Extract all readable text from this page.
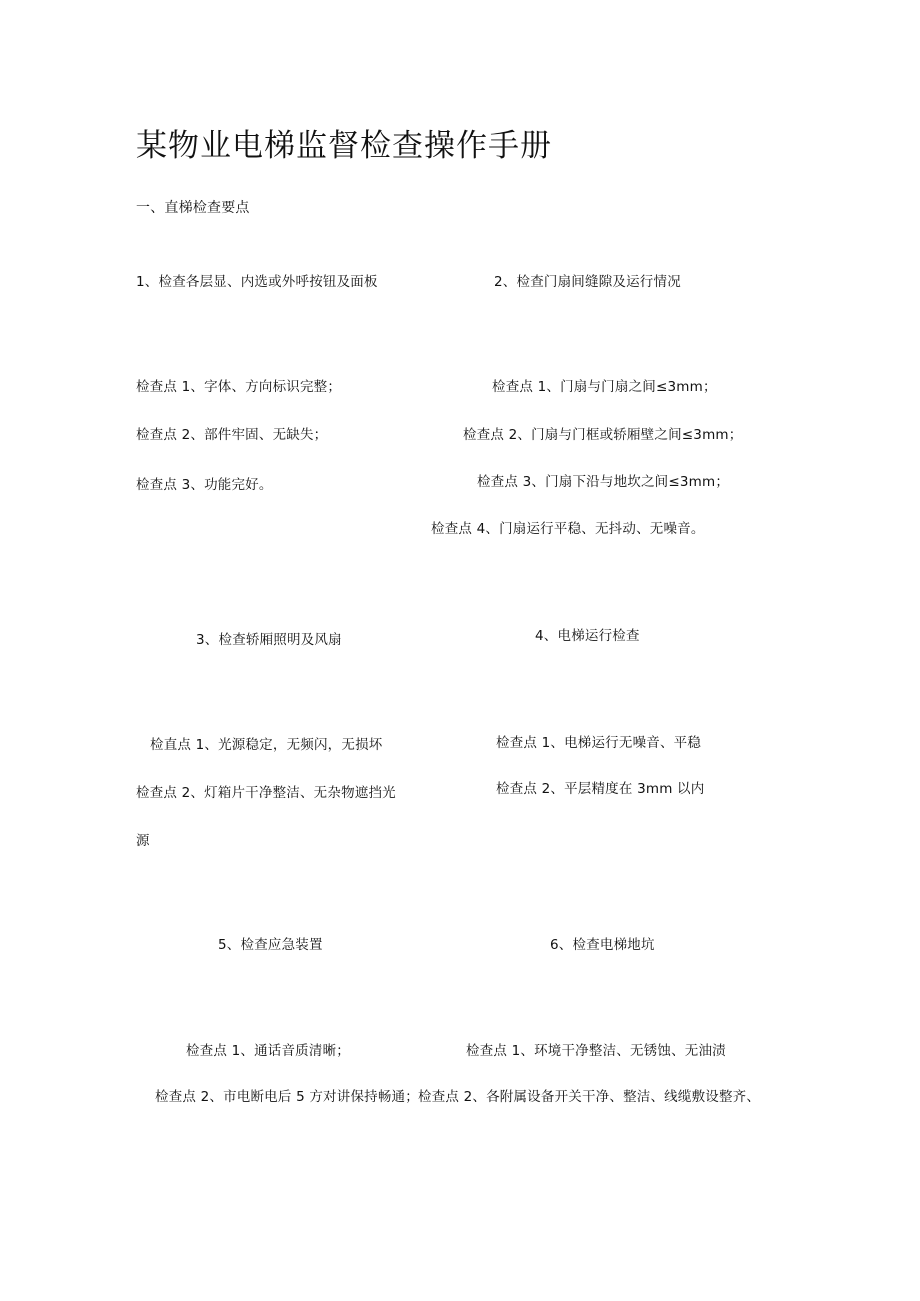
某物业电梯监督检查操作手册
一、直梯检查要点
1、检查各层显、内选或外呼按钮及面板
检查点 1、字体、方向标识完整；
检查点 2、部件牢固、无缺失；
检查点 3、功能完好。
2、检查门扇间缝隙及运行情况
检查点 1、门扇与门扇之间≤3mm；
检查点 2、门扇与门框或轿厢壁之间≤3mm；
检查点 3、门扇下沿与地坎之间≤3mm；
检查点 4、门扇运行平稳、无抖动、无噪音。
3、检查轿厢照明及风扇
检直点 1、光源稳定，无频闪，无损坏
检查点 2、灯箱片干净整洁、无杂物遮挡光
源
4、电梯运行检查
检查点 1、电梯运行无噪音、平稳
检查点 2、平层精度在 3mm 以内
5、检查应急装置
检查点 1、通话音质清晰；
检查点 2、市电断电后 5 方对讲保持畅通；
6、检查电梯地坑
检查点 1、环境干净整洁、无锈蚀、无油渍
检查点 2、各附属设备开关干净、整洁、线缆敷设整齐、
